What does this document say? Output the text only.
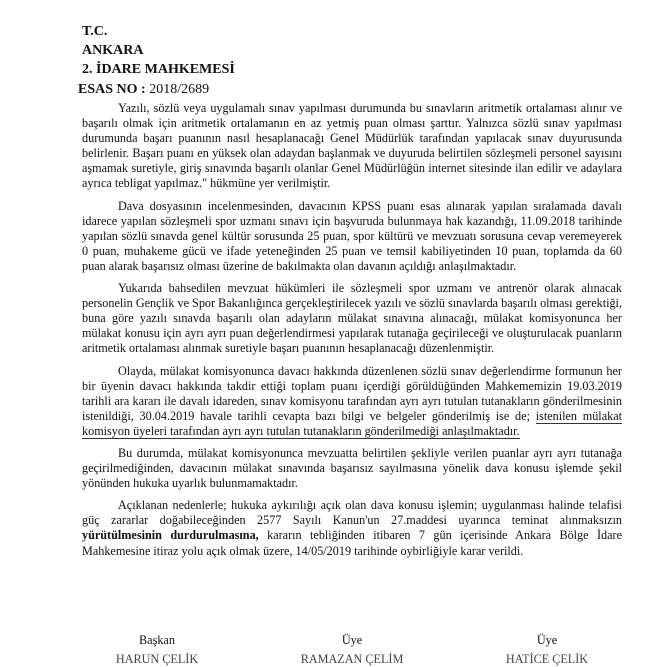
T.C.
ANKARA
2. İDARE MAHKEMESİ
ESAS NO : 2018/2689

Yazılı, sözlü veya uygulamalı sınav yapılması durumunda bu sınavların aritmetik ortalaması alınır ve başarılı olmak için aritmetik ortalamanın en az yetmiş puan olması şarttır. Yalnızca sözlü sınav yapılması durumunda başarı puanının nasıl hesaplanacağı Genel Müdürlük tarafından yapılacak sınav duyurusunda belirlenir. Başarı puanı en yüksek olan adaydan başlanmak ve duyuruda belirtilen sözleşmeli personel sayısını aşmamak suretiyle, giriş sınavında başarılı olanlar Genel Müdürlüğün internet sitesinde ilan edilir ve adaylara ayrıca tebligat yapılmaz." hükmüne yer verilmiştir.

Dava dosyasının incelenmesinden, davacının KPSS puanı esas alınarak yapılan sıralamada davalı idarece yapılan sözleşmeli spor uzmanı sınavı için başvuruda bulunmaya hak kazandığı, 11.09.2018 tarihinde yapılan sözlü sınavda genel kültür sorusunda 25 puan, spor kültürü ve mevzuatı sorusuna cevap veremeyerek 0 puan, muhakeme gücü ve ifade yeteneğinden 25 puan ve temsil kabiliyetinden 10 puan, toplamda da 60 puan alarak başarısız olması üzerine de bakılmakta olan davanın açıldığı anlaşılmaktadır.

Yukarıda bahsedilen mevzuat hükümleri ile sözleşmeli spor uzmanı ve antrenör olarak alınacak personelin Gençlik ve Spor Bakanlığınca gerçekleştirilecek yazılı ve sözlü sınavlarda başarılı olması gerektiği, buna göre yazılı sınavda başarılı olan adayların mülakat sınavına alınacağı, mülakat komisyonunca her mülakat konusu için ayrı ayrı puan değerlendirmesi yapılarak tutanağa geçirileceği ve oluşturulacak puanların aritmetik ortalaması alınmak suretiyle başarı puanının hesaplanacağı düzenlenmiştir.

Olayda, mülakat komisyonunca davacı hakkında düzenlenen sözlü sınav değerlendirme formunun her bir üyenin davacı hakkında takdir ettiği toplam puanı içerdiği görüldüğünden Mahkememizin 19.03.2019 tarihli ara kararı ile davalı idareden, sınav komisyonu tarafından ayrı ayrı tutulan tutanakların gönderilmesinin istenildiği, 30.04.2019 havale tarihli cevapta bazı bilgi ve belgeler gönderilmiş ise de; istenilen mülakat komisyon üyeleri tarafından ayrı ayrı tutulan tutanakların gönderilmediği anlaşılmaktadır.

Bu durumda, mülakat komisyonunca mevzuatta belirtilen şekliyle verilen puanlar ayrı ayrı tutanağa geçirilmediğinden, davacının mülakat sınavında başarısız sayılmasına yönelik dava konusu işlemde şekil yönünden hukuka uyarlık bulunmamaktadır.

Açıklanan nedenlerle; hukuka aykırılığı açık olan dava konusu işlemin; uygulanması halinde telafisi güç zararlar doğabileceğinden 2577 Sayılı Kanun'un 27.maddesi uyarınca teminat alınmaksızın yürütülmesinin durdurulmasına, kararın tebliğinden itibaren 7 gün içerisinde Ankara Bölge İdare Mahkemesine itiraz yolu açık olmak üzere, 14/05/2019 tarihinde oybirliğiyle karar verildi.

Başkan	Üye	Üye
HARUN ÇELİK	RAMAZAN ÇELİM	HATİCE ÇELİK
